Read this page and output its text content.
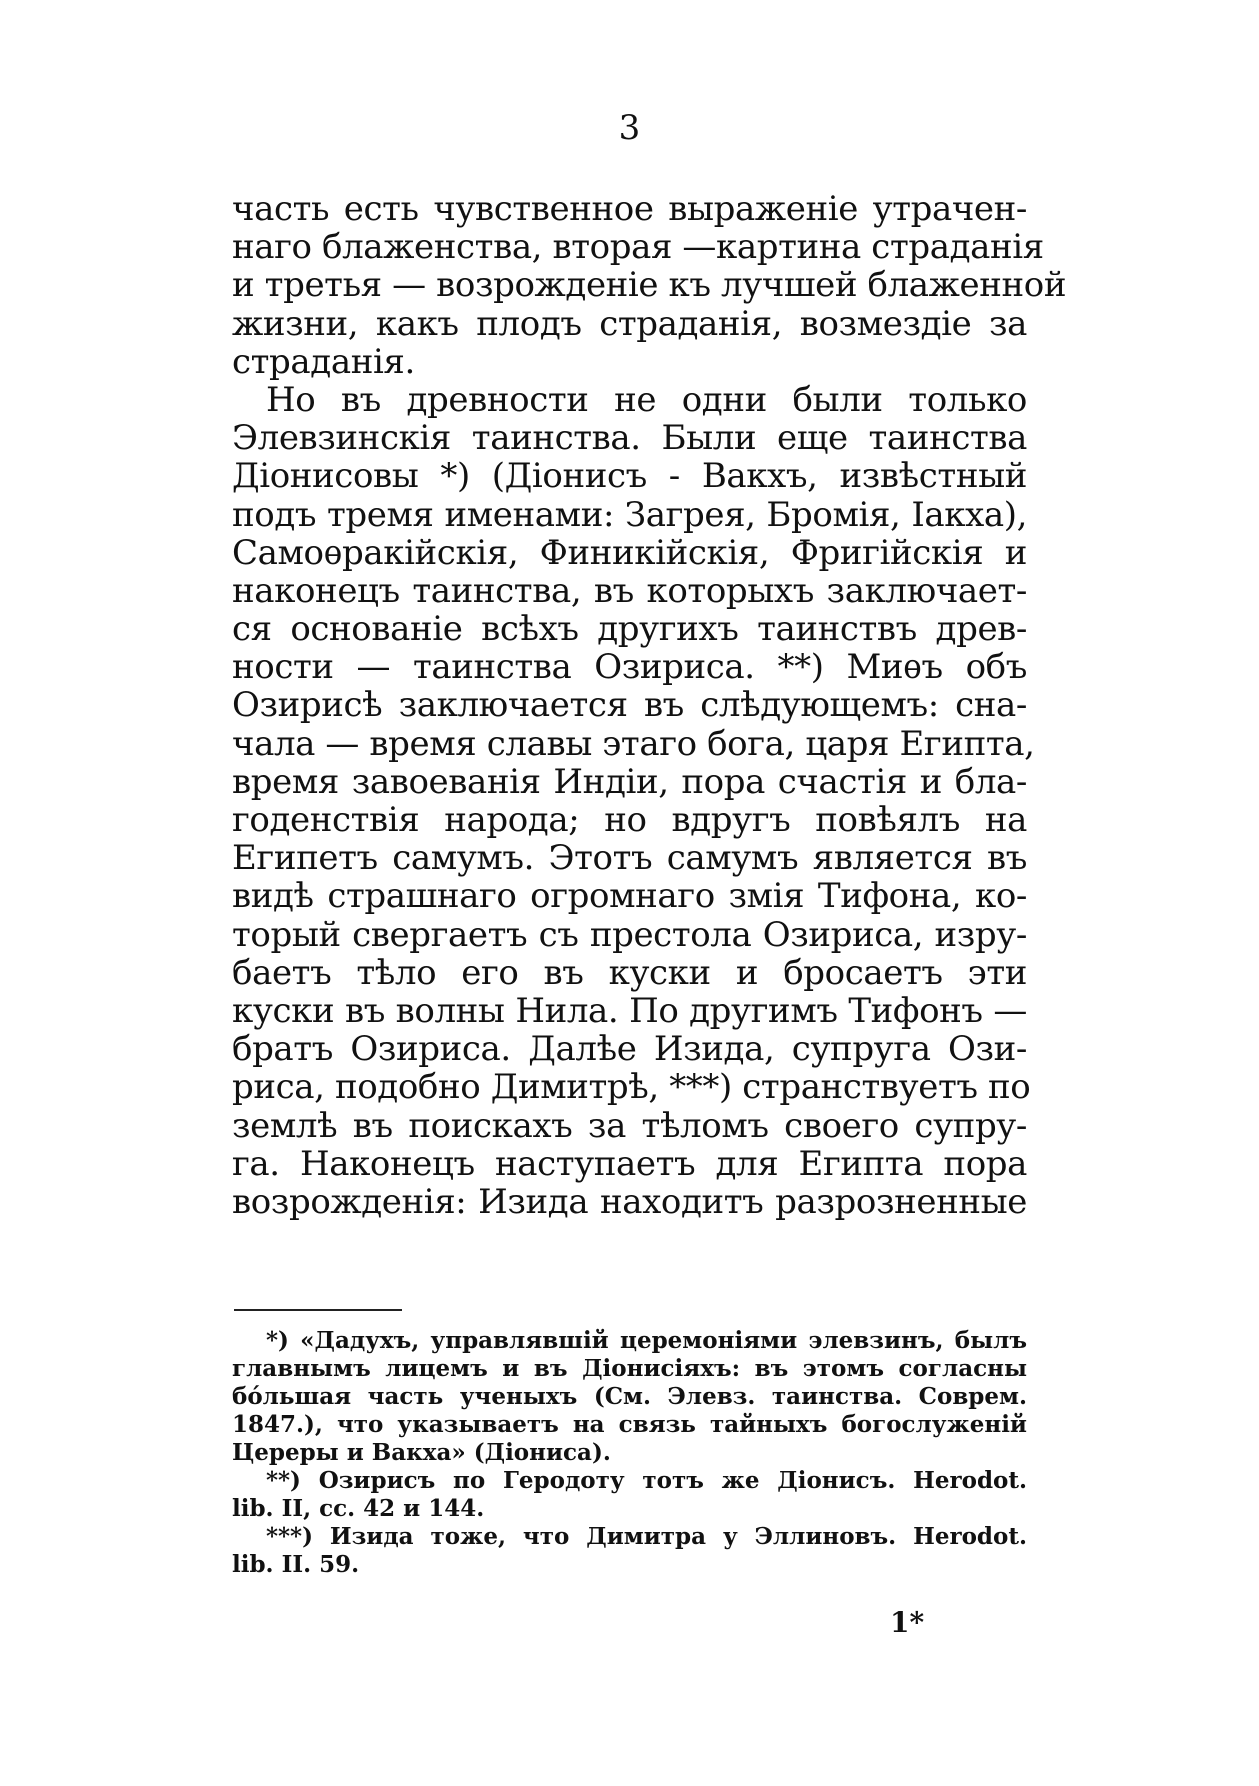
3
часть есть чувственное выраженіе утрачен-
наго блаженства, вторая —картина страданія
и третья — возрожденіе къ лучшей блаженной
жизни, какъ плодъ страданія, возмездіе за
страданія.
Но въ древности не одни были только
Элевзинскія таинства. Были еще таинства
Діонисовы *) (Діонисъ - Вакхъ, извѣстный
подъ тремя именами: Загрея, Бромія, Іакха),
Самоѳракійскія, Финикійскія, Фригійскія и
наконецъ таинства, въ которыхъ заключает-
ся основаніе всѣхъ другихъ таинствъ древ-
ности — таинства Озириса. **) Миѳъ объ
Озирисѣ заключается въ слѣдующемъ: сна-
чала — время славы этаго бога, царя Египта,
время завоеванія Индіи, пора счастія и бла-
годенствія народа; но вдругъ повѣялъ на
Египетъ самумъ. Этотъ самумъ является въ
видѣ страшнаго огромнаго змія Тифона, ко-
торый свергаетъ съ престола Озириса, изру-
баетъ тѣло его въ куски и бросаетъ эти
куски въ волны Нила. По другимъ Тифонъ —
братъ Озириса. Далѣе Изида, супруга Ози-
риса, подобно Димитрѣ, ***) странствуетъ по
землѣ въ поискахъ за тѣломъ своего супру-
га. Наконецъ наступаетъ для Египта пора
возрожденія: Изида находитъ разрозненные
*) «Дадухъ, управлявшій церемоніями элевзинъ, былъ
главнымъ лицемъ и въ Діонисіяхъ: въ этомъ согласны
бóльшая часть ученыхъ (См. Элевз. таинства. Соврем.
1847.), что указываетъ на связь тайныхъ богослуженій
Цереры и Вакха» (Діониса).
**) Озирисъ по Геродоту тотъ же Діонисъ. Herodot.
lib. II, cc. 42 и 144.
***) Изида тоже, что Димитра у Эллиновъ. Herodot.
lib. II. 59.
1*
